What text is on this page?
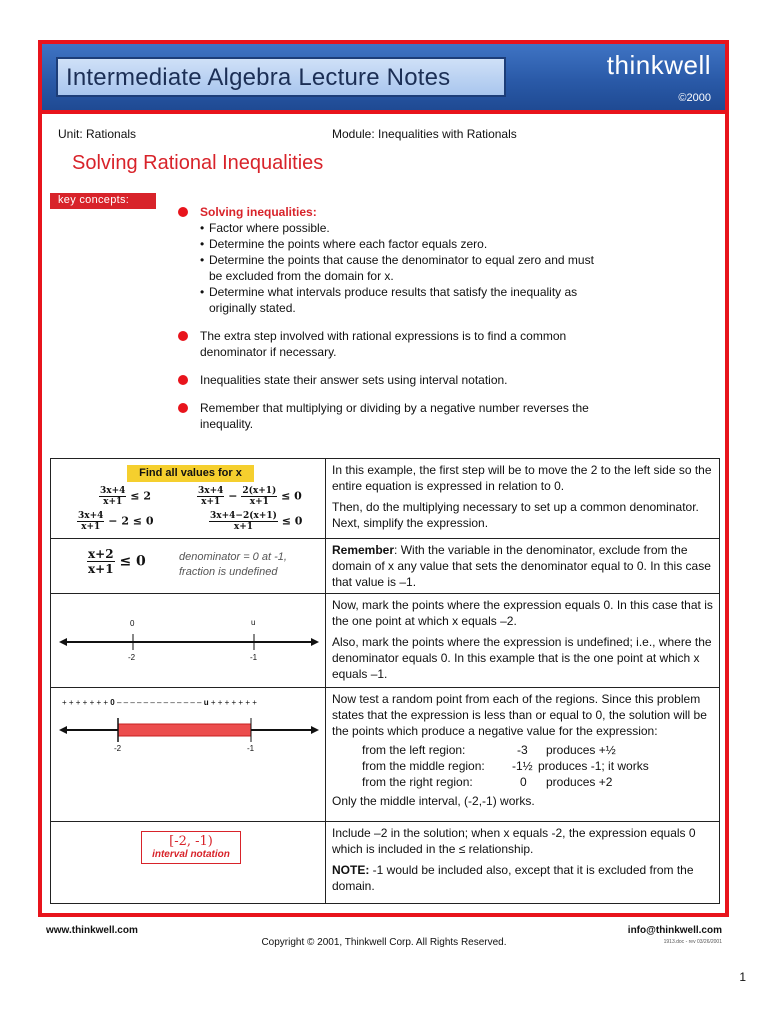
Intermediate Algebra Lecture Notes	thinkwell
©2000
Unit: Rationals	Module: Inequalities with Rationals
Solving Rational Inequalities
key concepts:
Solving inequalities:
• Factor where possible.
• Determine the points where each factor equals zero.
• Determine the points that cause the denominator to equal zero and must
be excluded from the domain for x.
• Determine what intervals produce results that satisfy the inequality as
originally stated.
The extra step involved with rational expressions is to find a common
denominator if necessary.
Inequalities state their answer sets using interval notation.
Remember that multiplying or dividing by a negative number reverses the
inequality.
Find all values for x
$\frac{3x+4}{x+1} \le 2$	$\frac{3x+4}{x+1} - \frac{2(x+1)}{x+1} \le 0$
$\frac{3x+4}{x+1} - 2 \le 0$	$\frac{3x+4-2(x+1)}{x+1} \le 0$

In this example, the first step will be to move the 2 to the left side so the entire equation is expressed in relation to 0.

Then, do the multiplying necessary to set up a common denominator. Next, simplify the expression.

$\frac{x+2}{x+1} \le 0$	denominator = 0 at -1,
fraction is undefined

Remember: With the variable in the denominator, exclude from the domain of x any value that sets the denominator equal to 0. In this case that value is –1.

0	u
-2	-1

Now, mark the points where the expression equals 0. In this case that is the one point at which x equals –2.

Also, mark the points where the expression is undefined; i.e., where the denominator equals 0. In this example that is the one point at which x equals –1.

+ + + + + + + 0 – – – – – – – – – – – – – u + + + + + + +
-2	-1

Now test a random point from each of the regions. Since this problem states that the expression is less than or equal to 0, the solution will be the points which produce a negative value for the expression:

from the left region:	-3 produces +½
from the middle region: -1½ produces -1; it works
from the right region:	0 produces +2

Only the middle interval, (-2,-1) works.

[-2, -1)
interval notation

Include –2 in the solution; when x equals -2, the expression equals 0 which is included in the ≤ relationship.

NOTE: -1 would be included also, except that it is excluded from the domain.

www.thinkwell.com	info@thinkwell.com
Copyright © 2001, Thinkwell Corp. All Rights Reserved.	1913.doc - rev 03/26/2001
1
